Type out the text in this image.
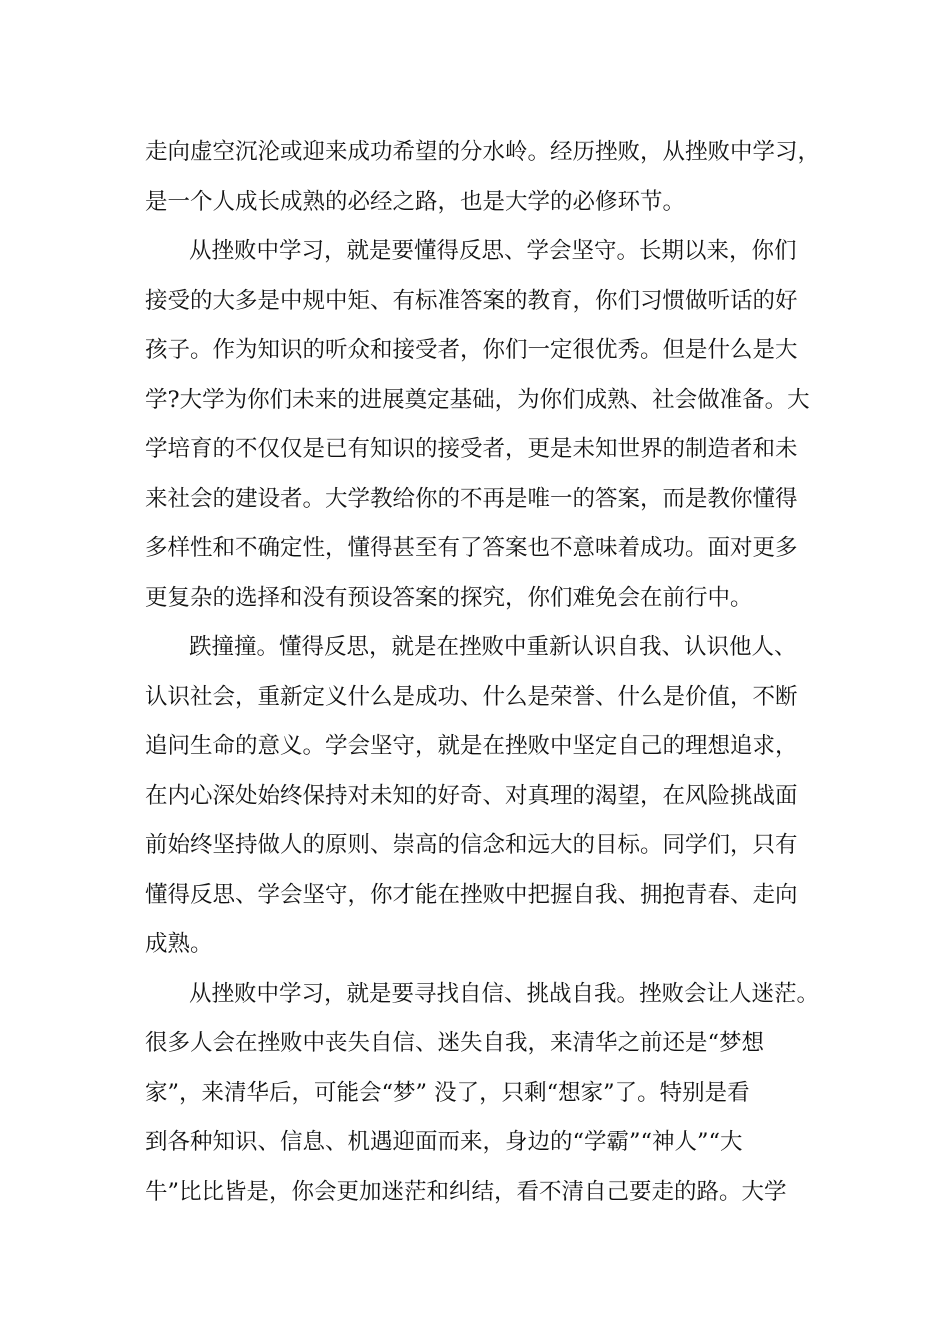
走向虚空沉沦或迎来成功希望的分水岭。经历挫败，从挫败中学习，
是一个人成长成熟的必经之路，也是大学的必修环节。
从挫败中学习，就是要懂得反思、学会坚守。长期以来，你们
接受的大多是中规中矩、有标准答案的教育，你们习惯做听话的好
孩子。作为知识的听众和接受者，你们一定很优秀。但是什么是大
学?大学为你们未来的进展奠定基础，为你们成熟、社会做准备。大
学培育的不仅仅是已有知识的接受者，更是未知世界的制造者和未
来社会的建设者。大学教给你的不再是唯一的答案，而是教你懂得
多样性和不确定性，懂得甚至有了答案也不意味着成功。面对更多
更复杂的选择和没有预设答案的探究，你们难免会在前行中。
跌撞撞。懂得反思，就是在挫败中重新认识自我、认识他人、
认识社会，重新定义什么是成功、什么是荣誉、什么是价值，不断
追问生命的意义。学会坚守，就是在挫败中坚定自己的理想追求，
在内心深处始终保持对未知的好奇、对真理的渴望，在风险挑战面
前始终坚持做人的原则、崇高的信念和远大的目标。同学们，只有
懂得反思、学会坚守，你才能在挫败中把握自我、拥抱青春、走向
成熟。
从挫败中学习，就是要寻找自信、挑战自我。挫败会让人迷茫。
很多人会在挫败中丧失自信、迷失自我，来清华之前还是“梦想
家”，来清华后，可能会“梦” 没了，只剩“想家”了。特别是看
到各种知识、信息、机遇迎面而来，身边的“学霸”“神人”“大
牛”比比皆是，你会更加迷茫和纠结，看不清自己要走的路。大学
